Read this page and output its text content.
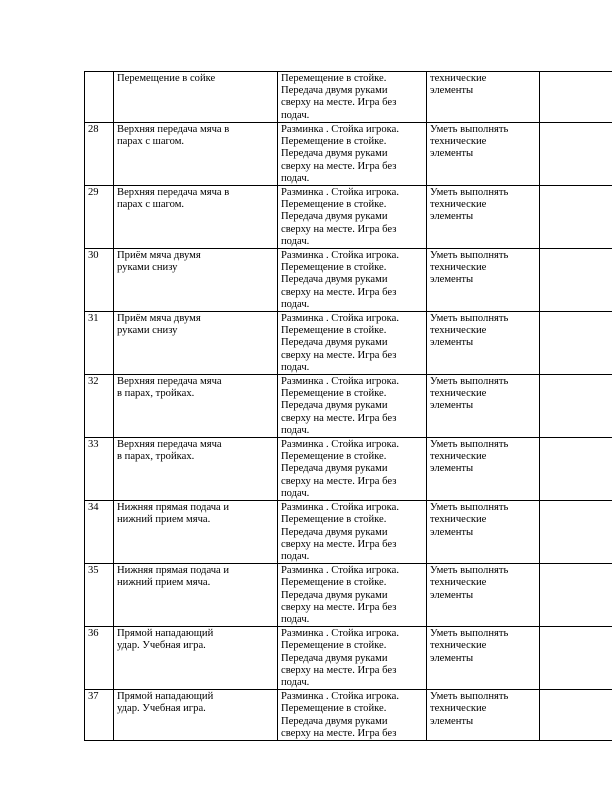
	Перемещение в сойке	Перемещение в стойке.
Передача двумя руками
сверху на месте. Игра без
подач.	технические
элементы	
28	Верхняя передача мяча в
парах с шагом.	Разминка . Стойка игрока.
Перемещение в стойке.
Передача двумя руками
сверху на месте. Игра без
подач.	Уметь выполнять
технические
элементы	
29	Верхняя передача мяча в
парах с шагом.	Разминка . Стойка игрока.
Перемещение в стойке.
Передача двумя руками
сверху на месте. Игра без
подач.	Уметь выполнять
технические
элементы	
30	Приём мяча двумя
руками снизу	Разминка . Стойка игрока.
Перемещение в стойке.
Передача двумя руками
сверху на месте. Игра без
подач.	Уметь выполнять
технические
элементы	
31	Приём мяча двумя
руками снизу	Разминка . Стойка игрока.
Перемещение в стойке.
Передача двумя руками
сверху на месте. Игра без
подач.	Уметь выполнять
технические
элементы	
32	Верхняя передача мяча
в парах, тройках.	Разминка . Стойка игрока.
Перемещение в стойке.
Передача двумя руками
сверху на месте. Игра без
подач.	Уметь выполнять
технические
элементы	
33	Верхняя передача мяча
в парах, тройках.	Разминка . Стойка игрока.
Перемещение в стойке.
Передача двумя руками
сверху на месте. Игра без
подач.	Уметь выполнять
технические
элементы	
34	Нижняя прямая подача и
нижний прием мяча.	Разминка . Стойка игрока.
Перемещение в стойке.
Передача двумя руками
сверху на месте. Игра без
подач.	Уметь выполнять
технические
элементы	
35	Нижняя прямая подача и
нижний прием мяча.	Разминка . Стойка игрока.
Перемещение в стойке.
Передача двумя руками
сверху на месте. Игра без
подач.	Уметь выполнять
технические
элементы	
36	Прямой нападающий
удар. Учебная игра.	Разминка . Стойка игрока.
Перемещение в стойке.
Передача двумя руками
сверху на месте. Игра без
подач.	Уметь выполнять
технические
элементы	
37	Прямой нападающий
удар. Учебная игра.	Разминка . Стойка игрока.
Перемещение в стойке.
Передача двумя руками
сверху на месте. Игра без	Уметь выполнять
технические
элементы	
